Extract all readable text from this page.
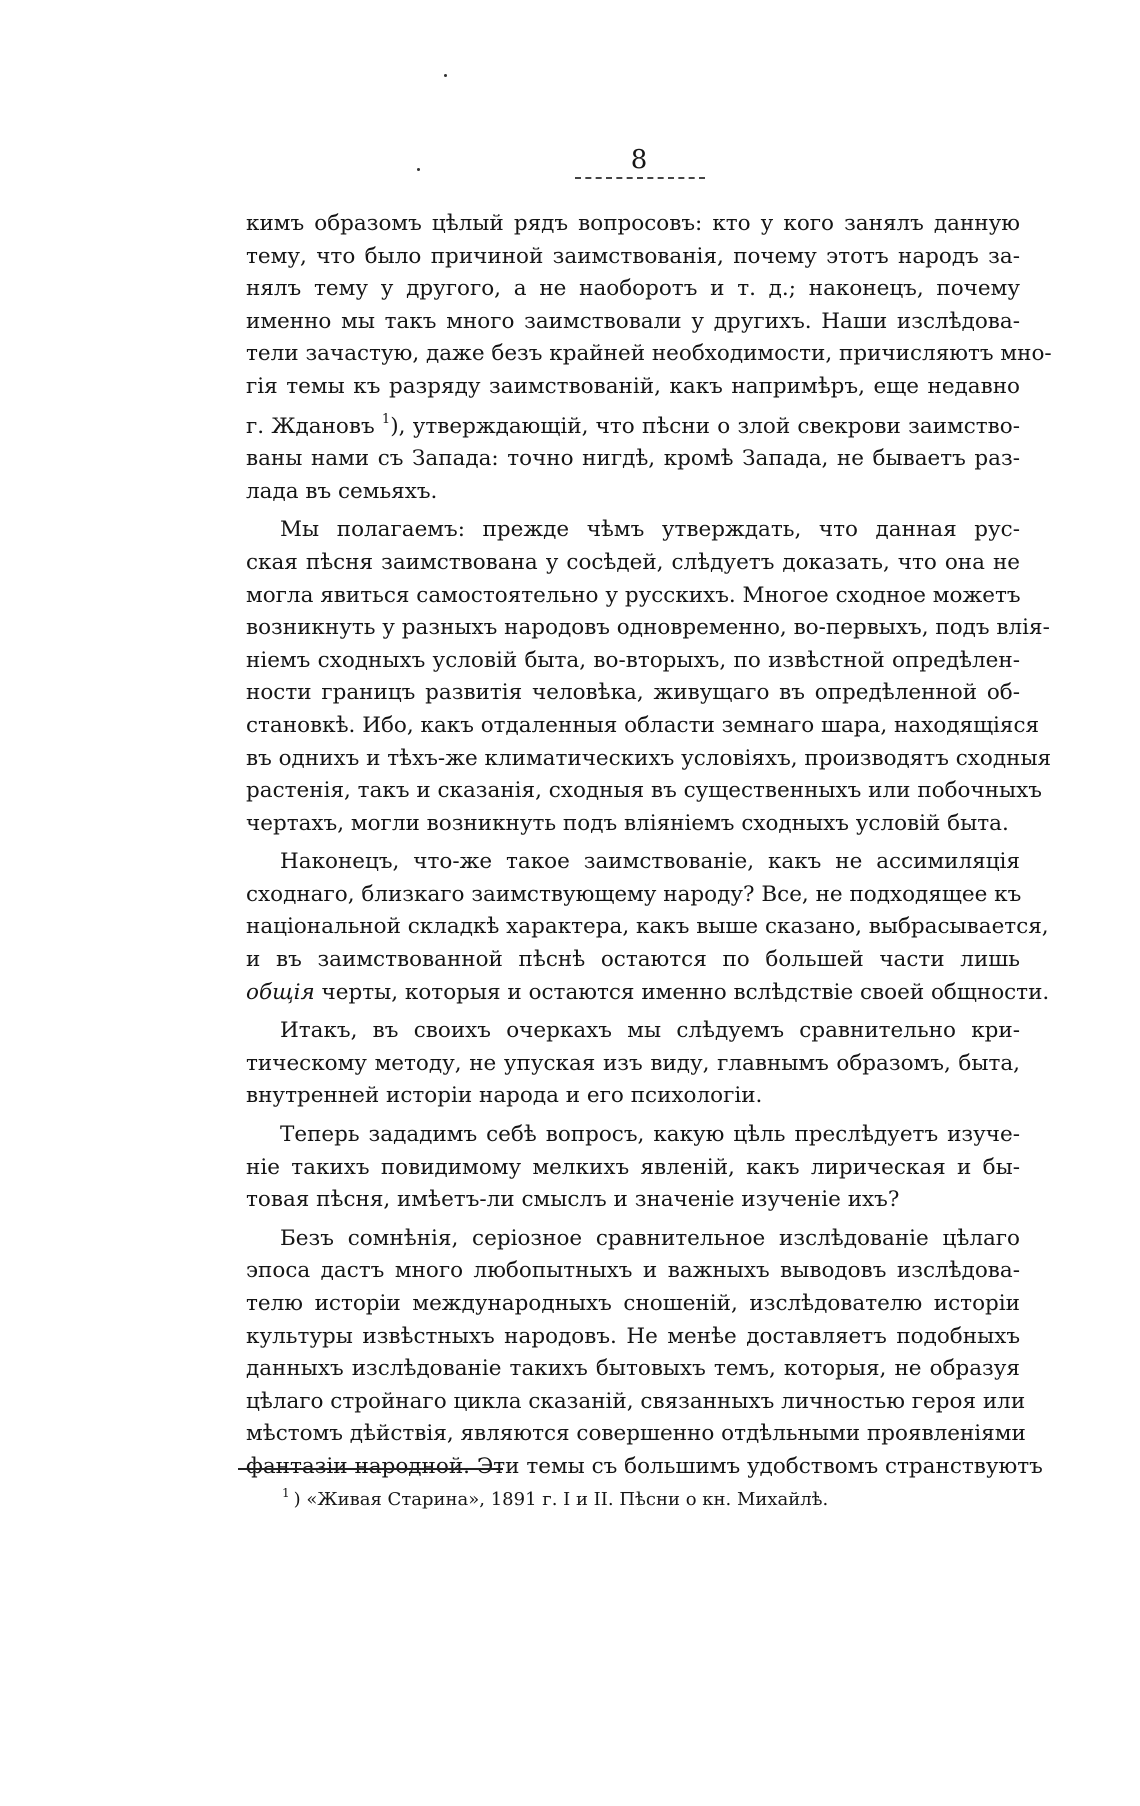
8
кимъ образомъ цѣлый рядъ вопросовъ: кто у кого занялъ данную
тему, что было причиной заимствованія, почему этотъ народъ за-
нялъ тему у другого, а не наоборотъ и т. д.; наконецъ, почему
именно мы такъ много заимствовали у другихъ. Наши изслѣдова-
тели зачастую, даже безъ крайней необходимости, причисляютъ мно-
гія темы къ разряду заимствованій, какъ напримѣръ, еще недавно
г. Ждановъ $^1$), утверждающій, что пѣсни о злой свекрови заимство-
ваны нами съ Запада: точно нигдѣ, кромѣ Запада, не бываетъ раз-
лада въ семьяхъ.
Мы полагаемъ: прежде чѣмъ утверждать, что данная рус-
ская пѣсня заимствована у сосѣдей, слѣдуетъ доказать, что она не
могла явиться самостоятельно у русскихъ. Многое сходное можетъ
возникнуть у разныхъ народовъ одновременно, во-первыхъ, подъ влія-
ніемъ сходныхъ условій быта, во-вторыхъ, по извѣстной опредѣлен-
ности границъ развитія человѣка, живущаго въ опредѣленной об-
становкѣ. Ибо, какъ отдаленныя области земнаго шара, находящіяся
въ однихъ и тѣхъ-же климатическихъ условіяхъ, производятъ сходныя
растенія, такъ и сказанія, сходныя въ существенныхъ или побочныхъ
чертахъ, могли возникнуть подъ вліяніемъ сходныхъ условій быта.
Наконецъ, что-же такое заимствованіе, какъ не ассимиляція
сходнаго, близкаго заимствующему народу? Все, не подходящее къ
національной складкѣ характера, какъ выше сказано, выбрасывается,
и въ заимствованной пѣснѣ остаются по большей части лишь
общія черты, которыя и остаются именно вслѣдствіе своей общности.
Итакъ, въ своихъ очеркахъ мы слѣдуемъ сравнительно кри-
тическому методу, не упуская изъ виду, главнымъ образомъ, быта,
внутренней исторіи народа и его психологіи.
Теперь зададимъ себѣ вопросъ, какую цѣль преслѣдуетъ изуче-
ніе такихъ повидимому мелкихъ явленій, какъ лирическая и бы-
товая пѣсня, имѣетъ-ли смыслъ и значеніе изученіе ихъ?
Безъ сомнѣнія, серіозное сравнительное изслѣдованіе цѣлаго
эпоса дастъ много любопытныхъ и важныхъ выводовъ изслѣдова-
телю исторіи международныхъ сношеній, изслѣдователю исторіи
культуры извѣстныхъ народовъ. Не менѣе доставляетъ подобныхъ
данныхъ изслѣдованіе такихъ бытовыхъ темъ, которыя, не образуя
цѣлаго стройнаго цикла сказаній, связанныхъ личностью героя или
мѣстомъ дѣйствія, являются совершенно отдѣльными проявленіями
фантазіи народной. Эти темы съ большимъ удобствомъ странствуютъ
$^1$ ) «Живая Старина», 1891 г. I и II. Пѣсни о кн. Михайлѣ.
